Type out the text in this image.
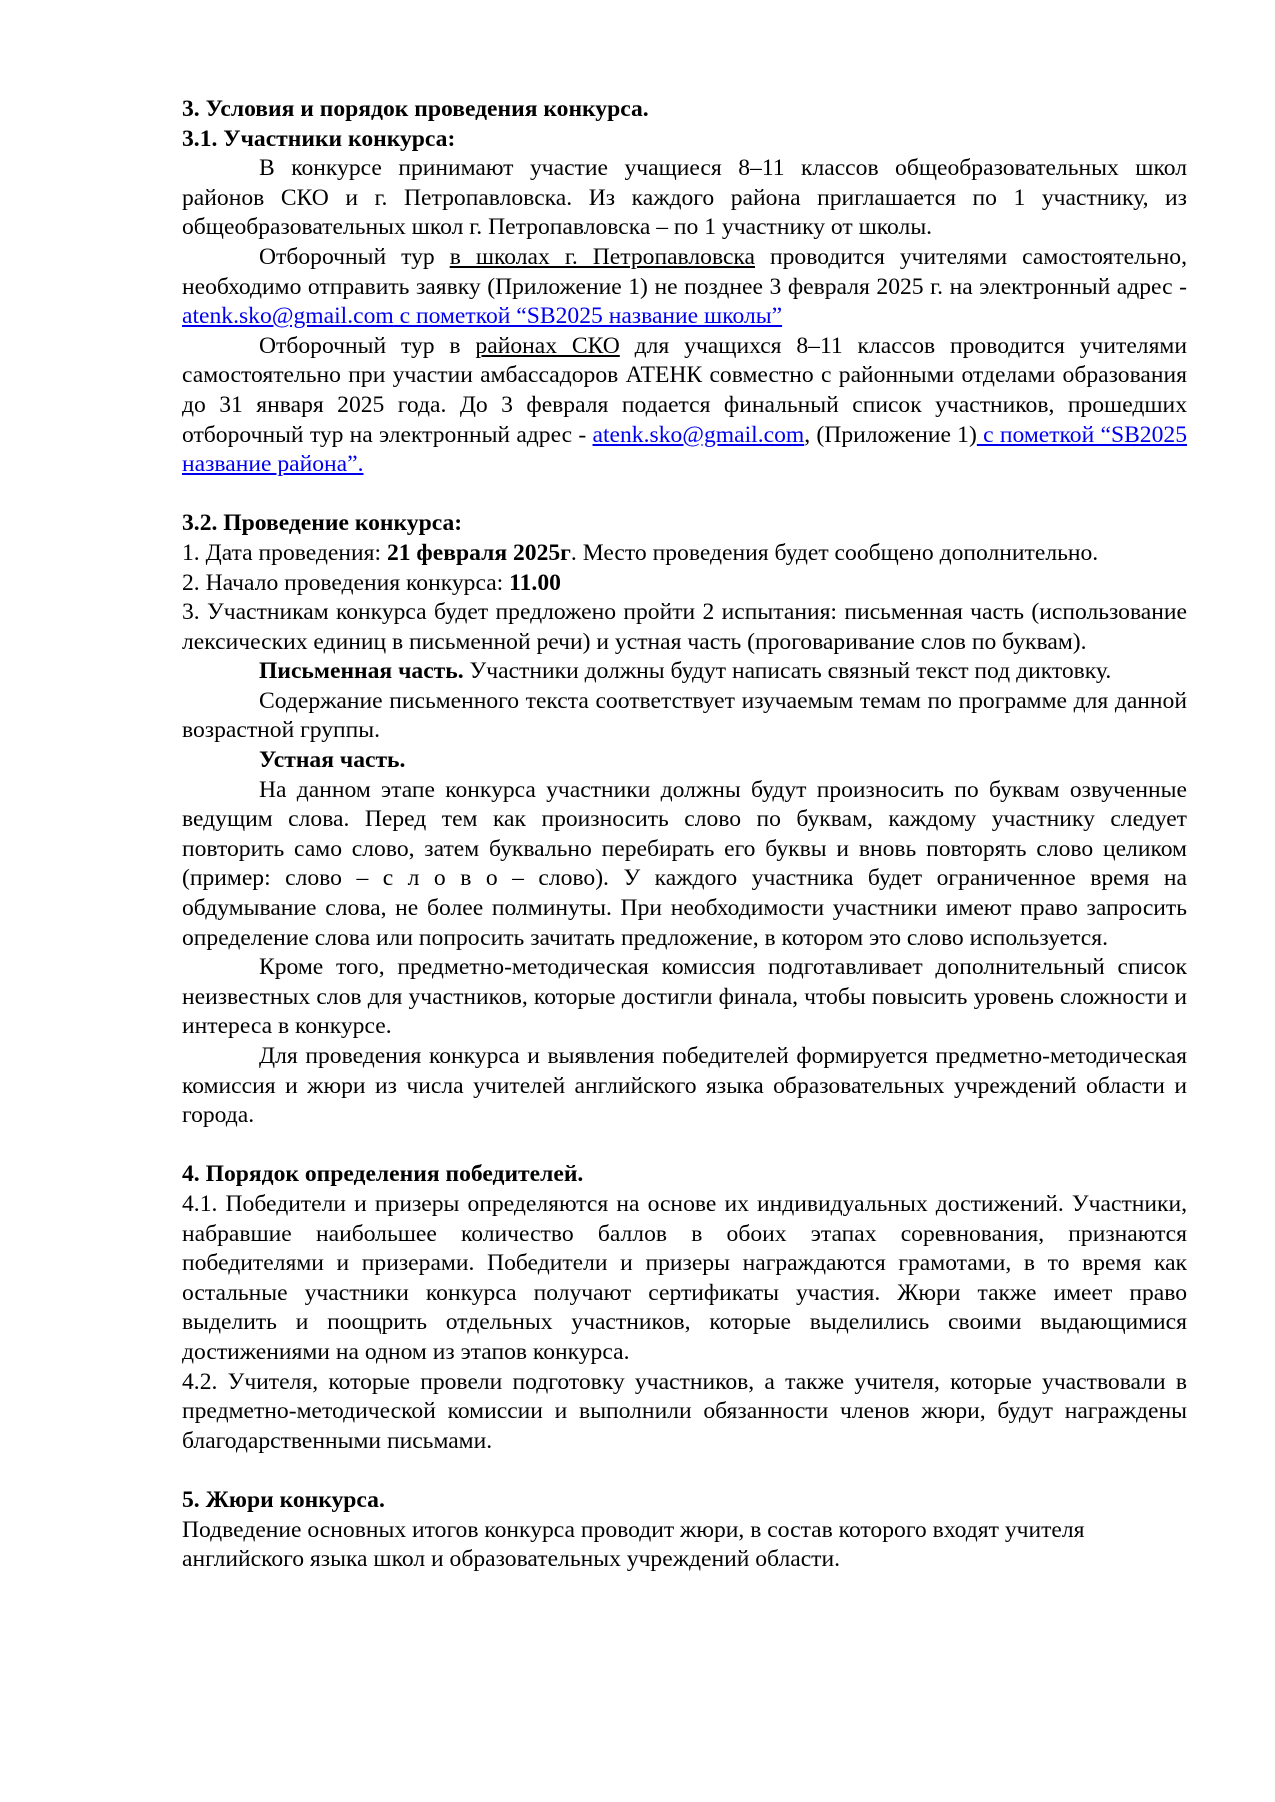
3. Условия и порядок проведения конкурса.

3.1. Участники конкурса:

В конкурсе принимают участие учащиеся 8–11 классов общеобразовательных школ районов СКО и г. Петропавловска. Из каждого района приглашается по 1 участнику, из общеобразовательных школ г. Петропавловска – по 1 участнику от школы.

Отборочный тур в школах г. Петропавловска проводится учителями самостоятельно, необходимо отправить заявку (Приложение 1) не позднее 3 февраля 2025 г. на электронный адрес - atenk.sko@gmail.com с пометкой “SB2025 название школы”

Отборочный тур в районах СКО для учащихся 8–11 классов проводится учителями самостоятельно при участии амбассадоров АТЕНК совместно с районными отделами образования до 31 января 2025 года. До 3 февраля подается финальный список участников, прошедших отборочный тур на электронный адрес - atenk.sko@gmail.com, (Приложение 1) с пометкой “SB2025 название района”.

3.2. Проведение конкурса:

1. Дата проведения: 21 февраля 2025г. Место проведения будет сообщено дополнительно.

2. Начало проведения конкурса: 11.00

3. Участникам конкурса будет предложено пройти 2 испытания: письменная часть (использование лексических единиц в письменной речи) и устная часть (проговаривание слов по буквам).

Письменная часть. Участники должны будут написать связный текст под диктовку.

Содержание письменного текста соответствует изучаемым темам по программе для данной возрастной группы.

Устная часть.

На данном этапе конкурса участники должны будут произносить по буквам озвученные ведущим слова. Перед тем как произносить слово по буквам, каждому участнику следует повторить само слово, затем буквально перебирать его буквы и вновь повторять слово целиком (пример: слово – с л о в о – слово). У каждого участника будет ограниченное время на обдумывание слова, не более полминуты. При необходимости участники имеют право запросить определение слова или попросить зачитать предложение, в котором это слово используется.

Кроме того, предметно-методическая комиссия подготавливает дополнительный список неизвестных слов для участников, которые достигли финала, чтобы повысить уровень сложности и интереса в конкурсе.

Для проведения конкурса и выявления победителей формируется предметно-методическая комиссия и жюри из числа учителей английского языка образовательных учреждений области и города.

4. Порядок определения победителей.

4.1. Победители и призеры определяются на основе их индивидуальных достижений. Участники, набравшие наибольшее количество баллов в обоих этапах соревнования, признаются победителями и призерами. Победители и призеры награждаются грамотами, в то время как остальные участники конкурса получают сертификаты участия. Жюри также имеет право выделить и поощрить отдельных участников, которые выделились своими выдающимися достижениями на одном из этапов конкурса.

4.2. Учителя, которые провели подготовку участников, а также учителя, которые участвовали в предметно-методической комиссии и выполнили обязанности членов жюри, будут награждены благодарственными письмами.

5. Жюри конкурса.

Подведение основных итогов конкурса проводит жюри, в состав которого входят учителя английского языка школ и образовательных учреждений области.
